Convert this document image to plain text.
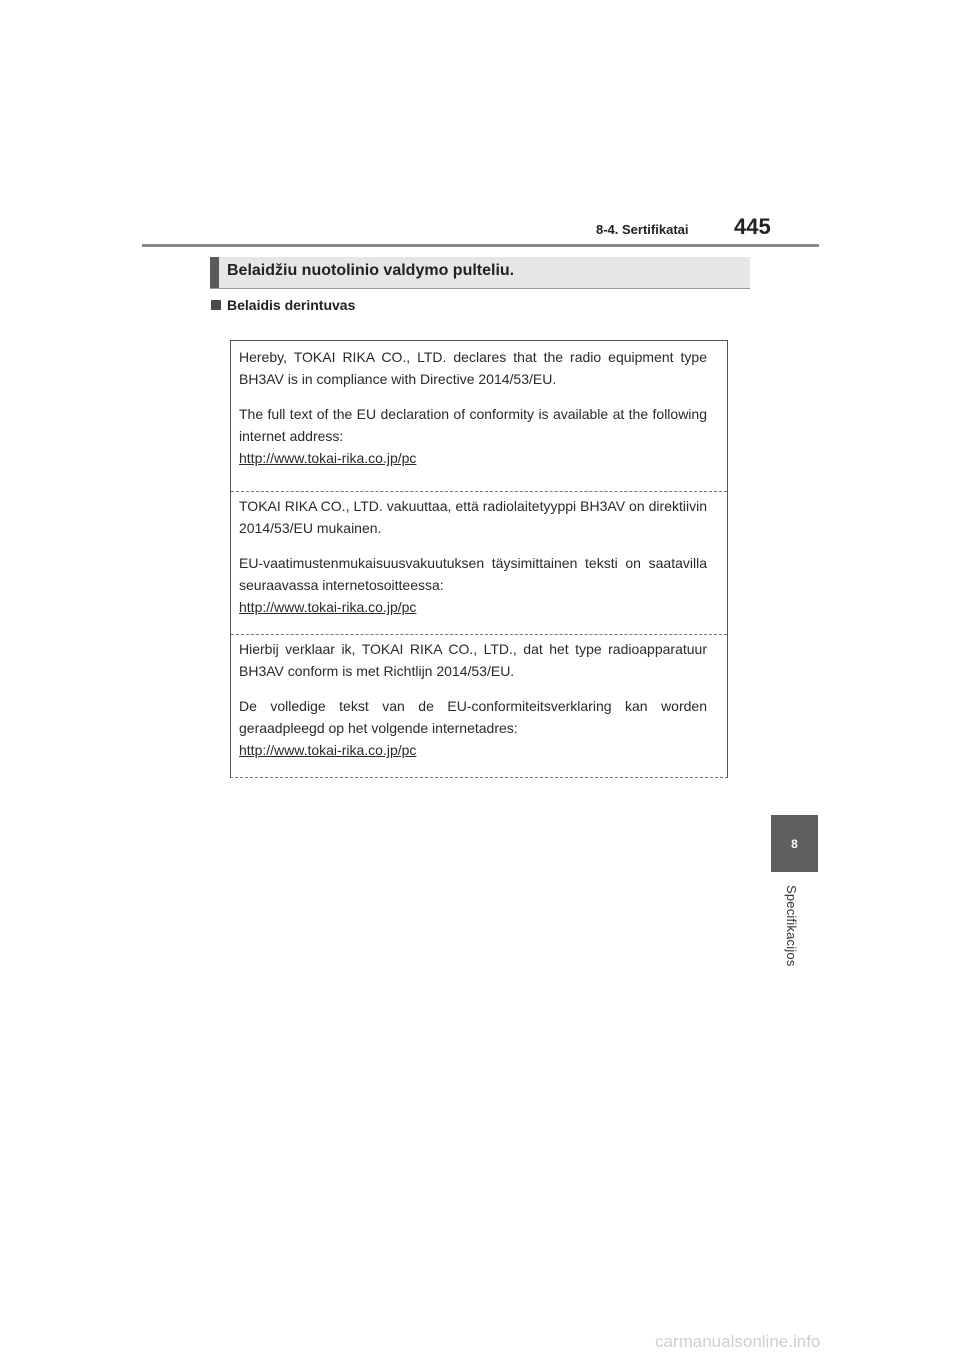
8-4. Sertifikatai 445
Belaidžiu nuotolinio valdymo pulteliu.
Belaidis derintuvas

Hereby, TOKAI RIKA CO., LTD. declares that the radio equipment type BH3AV is in compliance with Directive 2014/53/EU.

The full text of the EU declaration of conformity is available at the following internet address:

http://www.tokai-rika.co.jp/pc

TOKAI RIKA CO., LTD. vakuuttaa, että radiolaitetyyppi BH3AV on direktiivin 2014/53/EU mukainen.

EU-vaatimustenmukaisuusvakuutuksen täysimittainen teksti on saatavilla seuraavassa internetosoitteessa:

http://www.tokai-rika.co.jp/pc

Hierbij verklaar ik, TOKAI RIKA CO., LTD., dat het type radioapparatuur BH3AV conform is met Richtlijn 2014/53/EU.

De volledige tekst van de EU-conformiteitsverklaring kan worden geraadpleegd op het volgende internetadres:

http://www.tokai-rika.co.jp/pc
8
Specifikacijos
carmanualsonline.info
